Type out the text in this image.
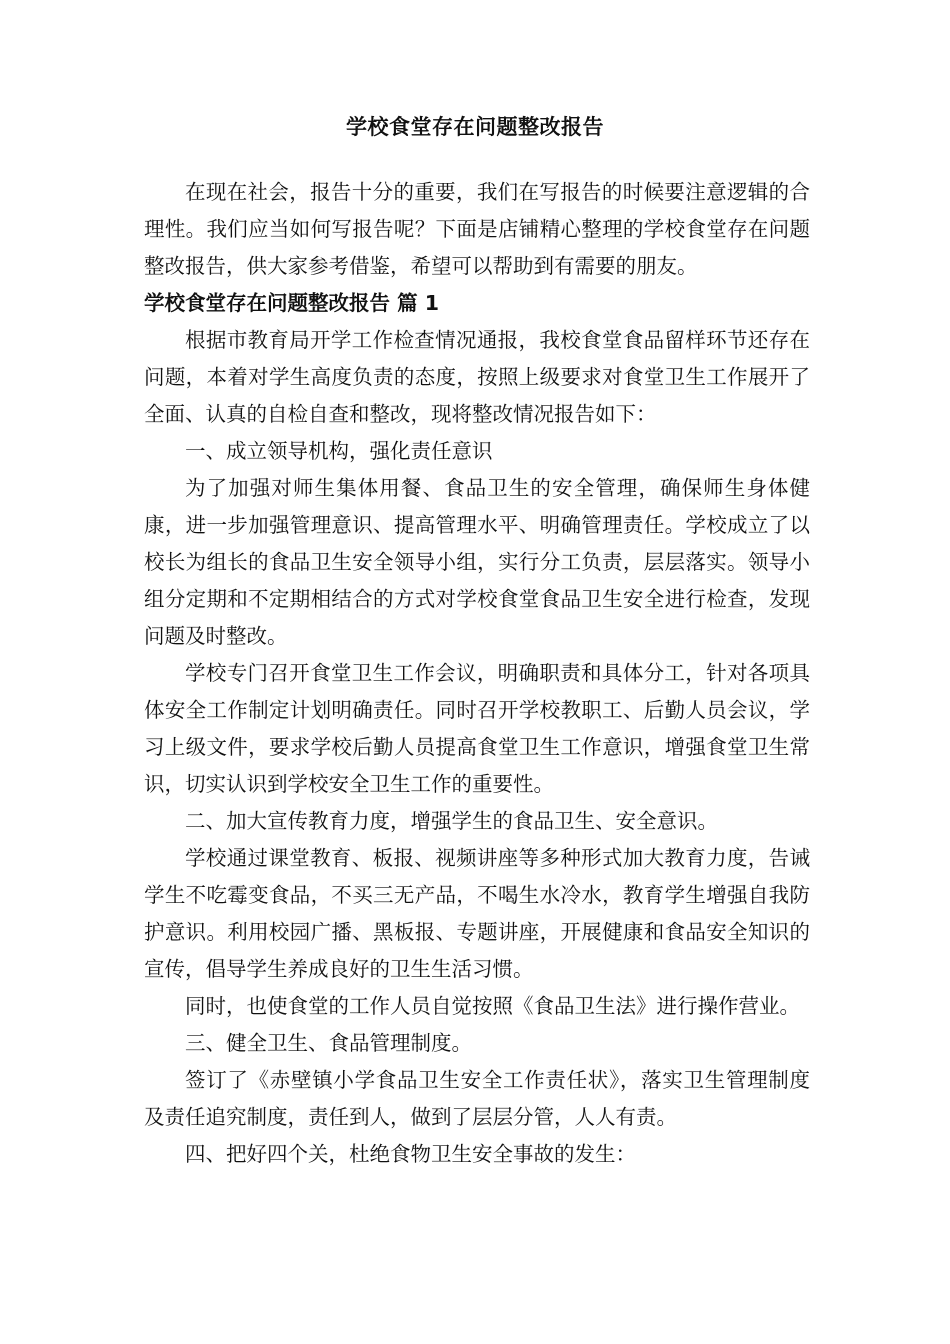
学校食堂存在问题整改报告

在现在社会，报告十分的重要，我们在写报告的时候要注意逻辑的合理性。我们应当如何写报告呢？下面是店铺精心整理的学校食堂存在问题整改报告，供大家参考借鉴，希望可以帮助到有需要的朋友。

学校食堂存在问题整改报告 篇 1

根据市教育局开学工作检查情况通报，我校食堂食品留样环节还存在问题，本着对学生高度负责的态度，按照上级要求对食堂卫生工作展开了全面、认真的自检自查和整改，现将整改情况报告如下：

一、成立领导机构，强化责任意识

为了加强对师生集体用餐、食品卫生的安全管理，确保师生身体健康，进一步加强管理意识、提高管理水平、明确管理责任。学校成立了以校长为组长的食品卫生安全领导小组，实行分工负责，层层落实。领导小组分定期和不定期相结合的方式对学校食堂食品卫生安全进行检查，发现问题及时整改。

学校专门召开食堂卫生工作会议，明确职责和具体分工，针对各项具体安全工作制定计划明确责任。同时召开学校教职工、后勤人员会议，学习上级文件，要求学校后勤人员提高食堂卫生工作意识，增强食堂卫生常识，切实认识到学校安全卫生工作的重要性。

二、加大宣传教育力度，增强学生的食品卫生、安全意识。

学校通过课堂教育、板报、视频讲座等多种形式加大教育力度，告诫学生不吃霉变食品，不买三无产品，不喝生水冷水，教育学生增强自我防护意识。利用校园广播、黑板报、专题讲座，开展健康和食品安全知识的宣传，倡导学生养成良好的卫生生活习惯。

同时，也使食堂的工作人员自觉按照《食品卫生法》进行操作营业。

三、健全卫生、食品管理制度。

签订了《赤壁镇小学食品卫生安全工作责任状》，落实卫生管理制度及责任追究制度，责任到人，做到了层层分管，人人有责。

四、把好四个关，杜绝食物卫生安全事故的发生：
